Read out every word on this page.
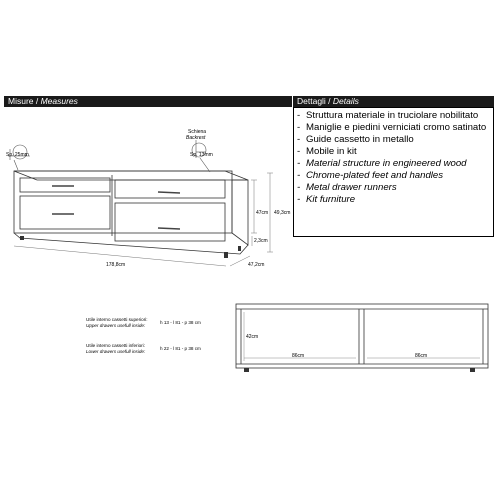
Misure / Measures	Dettagli / Details
- Struttura materiale in truciolare nobilitato
- Maniglie e piedini verniciati cromo satinato
- Guide cassetto in metallo
- Mobile in kit
- Material structure in engineered wood
- Chrome-plated feet and handles
- Metal drawer runners
- Kit furniture
Sp. 25mm
Schiena
Backrest
Sp. 13mm
47cm 49,3cm
2,3cm
178,8cm	47,2cm
42cm
86cm	86cm
Utile interno cassetti superiori:
Upper drawers usefull inside:
h 13 - l 81 - p 38 cm
Utile interno cassetti inferiori:
Lower drawers usefull inside:
h 22 - l 81 - p 38 cm
